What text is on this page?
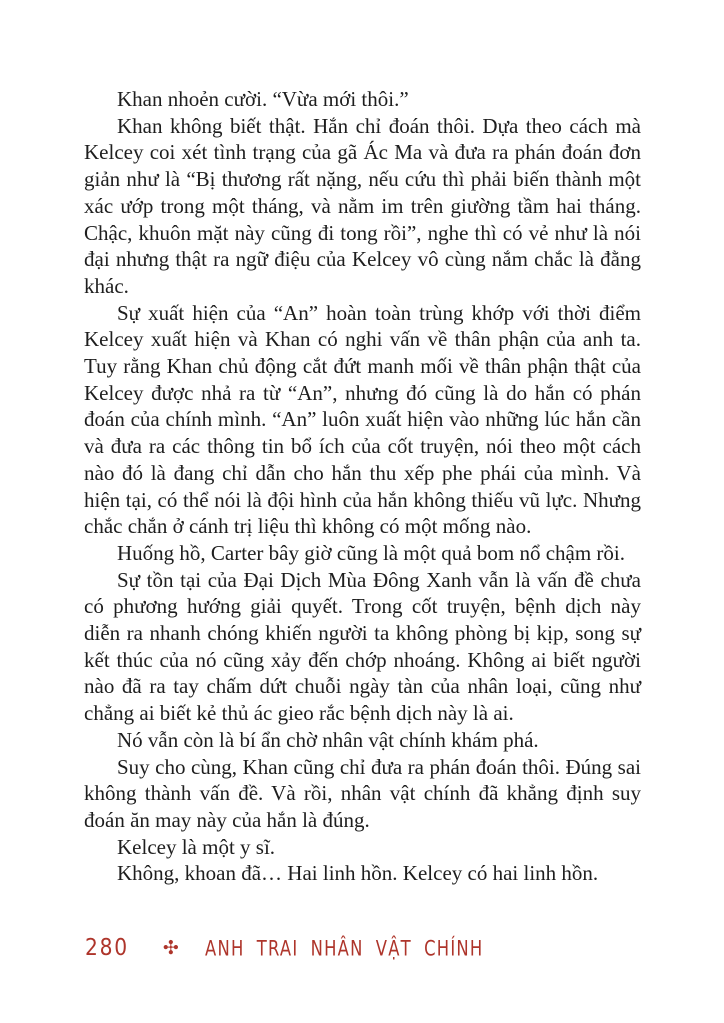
Khan nhoẻn cười. “Vừa mới thôi.”

Khan không biết thật. Hắn chỉ đoán thôi. Dựa theo cách mà Kelcey coi xét tình trạng của gã Ác Ma và đưa ra phán đoán đơn giản như là “Bị thương rất nặng, nếu cứu thì phải biến thành một xác ướp trong một tháng, và nằm im trên giường tầm hai tháng. Chậc, khuôn mặt này cũng đi tong rồi”, nghe thì có vẻ như là nói đại nhưng thật ra ngữ điệu của Kelcey vô cùng nắm chắc là đằng khác.

Sự xuất hiện của “An” hoàn toàn trùng khớp với thời điểm Kelcey xuất hiện và Khan có nghi vấn về thân phận của anh ta. Tuy rằng Khan chủ động cắt đứt manh mối về thân phận thật của Kelcey được nhả ra từ “An”, nhưng đó cũng là do hắn có phán đoán của chính mình. “An” luôn xuất hiện vào những lúc hắn cần và đưa ra các thông tin bổ ích của cốt truyện, nói theo một cách nào đó là đang chỉ dẫn cho hắn thu xếp phe phái của mình. Và hiện tại, có thể nói là đội hình của hắn không thiếu vũ lực. Nhưng chắc chắn ở cánh trị liệu thì không có một mống nào.

Huống hồ, Carter bây giờ cũng là một quả bom nổ chậm rồi.

Sự tồn tại của Đại Dịch Mùa Đông Xanh vẫn là vấn đề chưa có phương hướng giải quyết. Trong cốt truyện, bệnh dịch này diễn ra nhanh chóng khiến người ta không phòng bị kịp, song sự kết thúc của nó cũng xảy đến chớp nhoáng. Không ai biết người nào đã ra tay chấm dứt chuỗi ngày tàn của nhân loại, cũng như chẳng ai biết kẻ thủ ác gieo rắc bệnh dịch này là ai.

Nó vẫn còn là bí ẩn chờ nhân vật chính khám phá.

Suy cho cùng, Khan cũng chỉ đưa ra phán đoán thôi. Đúng sai không thành vấn đề. Và rồi, nhân vật chính đã khẳng định suy đoán ăn may này của hắn là đúng.

Kelcey là một y sĩ.

Không, khoan đã… Hai linh hồn. Kelcey có hai linh hồn.

280 ✣ ANH TRAI NHÂN VẬT CHÍNH
